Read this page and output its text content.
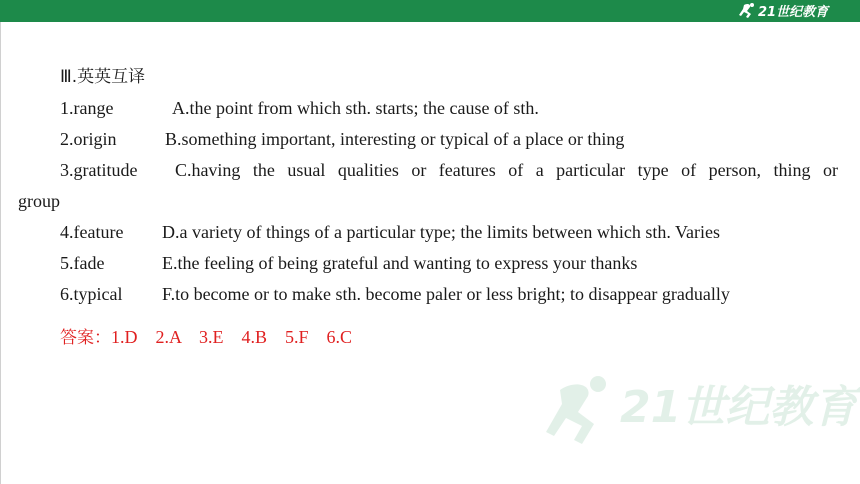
21世纪教育
Ⅲ.英英互译
1.range	A.the point from which sth. starts; the cause of sth.
2.origin	B.something important, interesting or typical of a place or thing
3.gratitude C.having the usual qualities or features of a particular type of person, thing or
group
4.feature D.a variety of things of a particular type; the limits between which sth. Varies
5.fade	E.the feeling of being grateful and wanting to express your thanks
6.typical F.to become or to make sth. become paler or less bright; to disappear gradually
答案：1.D　2.A　3.E　4.B　5.F　6.C
21世纪教育
